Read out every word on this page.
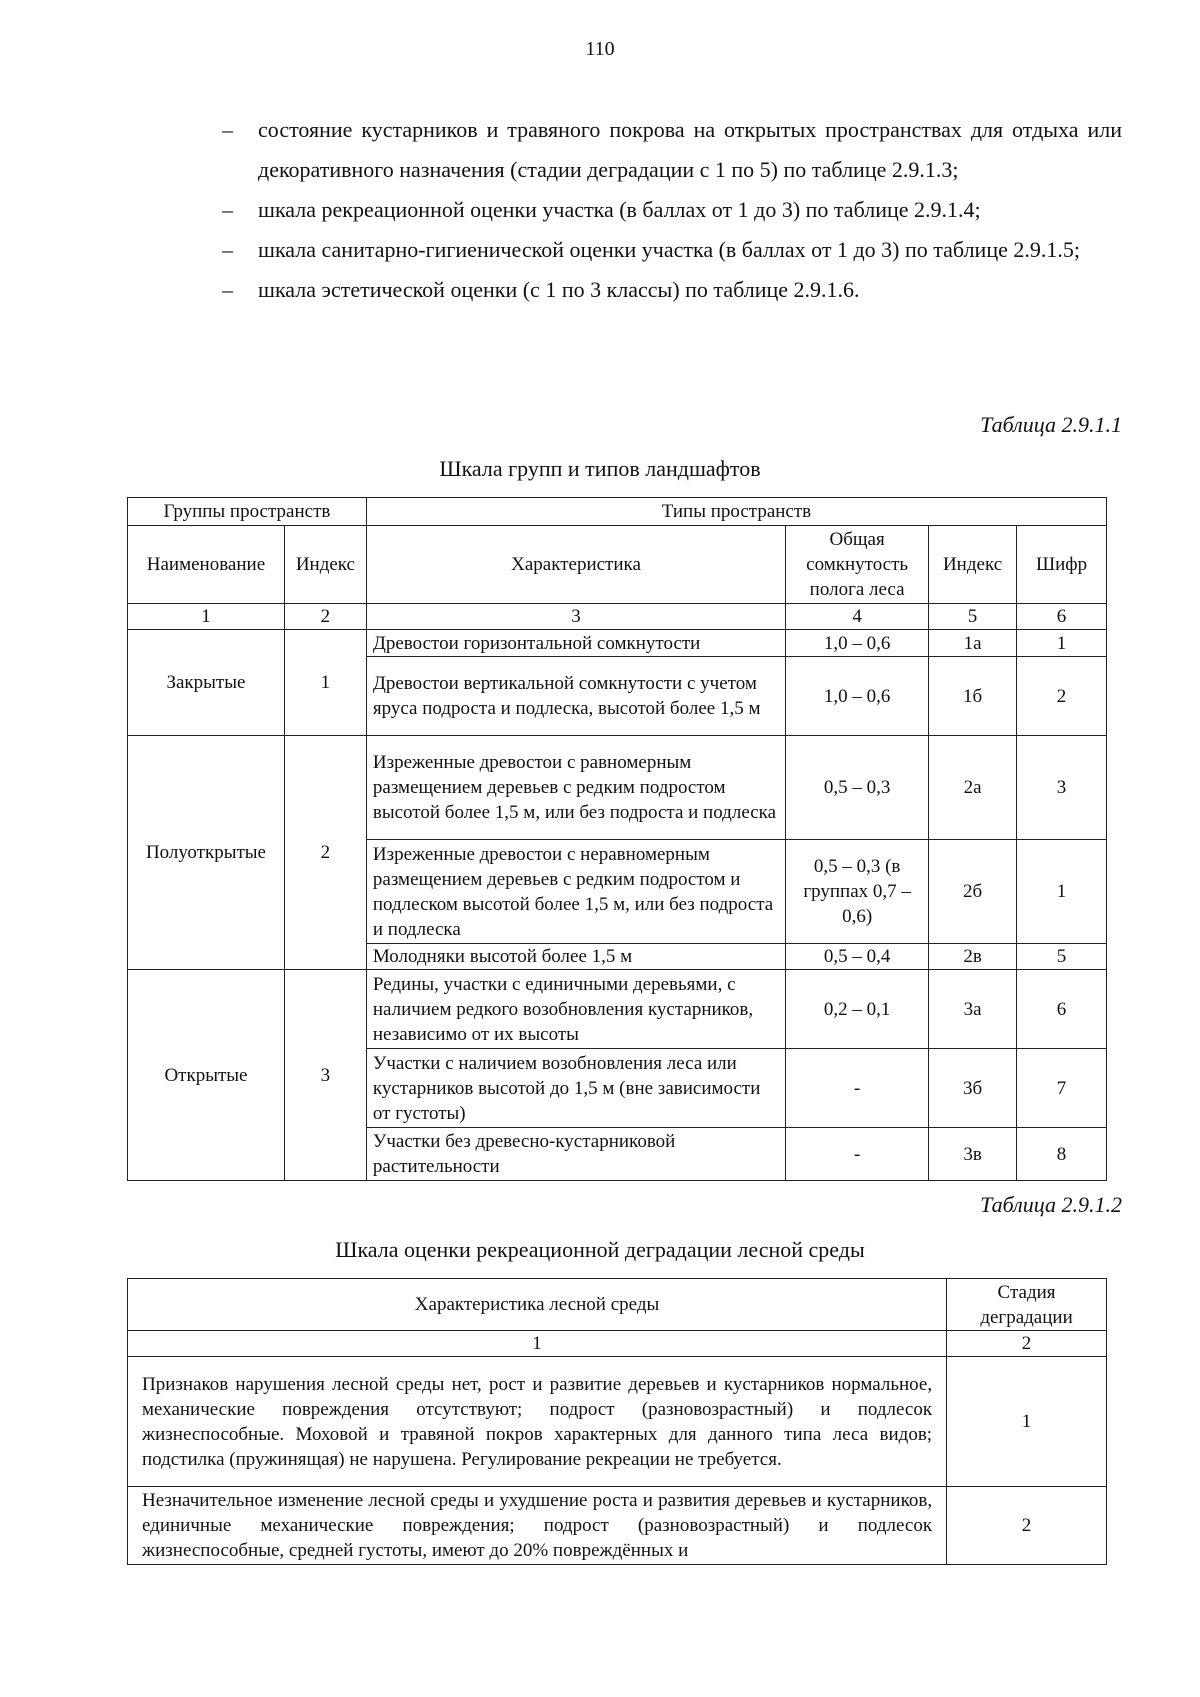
110
– состояние кустарников и травяного покрова на открытых пространствах для отдыха или декоративного назначения (стадии деградации с 1 по 5) по таблице 2.9.1.3;
– шкала рекреационной оценки участка (в баллах от 1 до 3) по таблице 2.9.1.4;
– шкала санитарно-гигиенической оценки участка (в баллах от 1 до 3) по таблице 2.9.1.5;
– шкала эстетической оценки (с 1 по 3 классы) по таблице 2.9.1.6.
Таблица 2.9.1.1
Шкала групп и типов ландшафтов
Группы пространств		Типы пространств			
Наименование	Индекс	Характеристика	Общая сомкнутость полога леса	Индекс	Шифр
1	2	3	4	5	6
Закрытые	1	Древостои горизонтальной сомкнутости	1,0 – 0,6	1а	1
		Древостои вертикальной сомкнутости с учетом яруса подроста и подлеска, высотой более 1,5 м	1,0 – 0,6	1б	2
Полуоткрытые	2	Изреженные древостои с равномерным размещением деревьев с редким подростом высотой более 1,5 м, или без подроста и подлеска	0,5 – 0,3	2а	3
		Изреженные древостои с неравномерным размещением деревьев с редким подростом и подлеском высотой более 1,5 м, или без подроста и подлеска	0,5 – 0,3 (в группах 0,7 – 0,6)	2б	1
		Молодняки высотой более 1,5 м	0,5 – 0,4	2в	5
Открытые	3	Редины, участки с единичными деревьями, с наличием редкого возобновления кустарников, независимо от их высоты	0,2 – 0,1	3а	6
		Участки с наличием возобновления леса или кустарников высотой до 1,5 м (вне зависимости от густоты)	-	3б	7
		Участки без древесно-кустарниковой растительности	-	3в	8
Таблица 2.9.1.2
Шкала оценки рекреационной деградации лесной среды
Характеристика лесной среды	Стадия деградации
1	2
Признаков нарушения лесной среды нет, рост и развитие деревьев и кустарников нормальное, механические повреждения отсутствуют; подрост (разновозрастный) и подлесок жизнеспособные. Моховой и травяной покров характерных для данного типа леса видов; подстилка (пружинящая) не нарушена. Регулирование рекреации не требуется.	1
Незначительное изменение лесной среды и ухудшение роста и развития деревьев и кустарников, единичные механические повреждения; подрост (разновозрастный) и подлесок жизнеспособные, средней густоты, имеют до 20% повреждённых и	2
